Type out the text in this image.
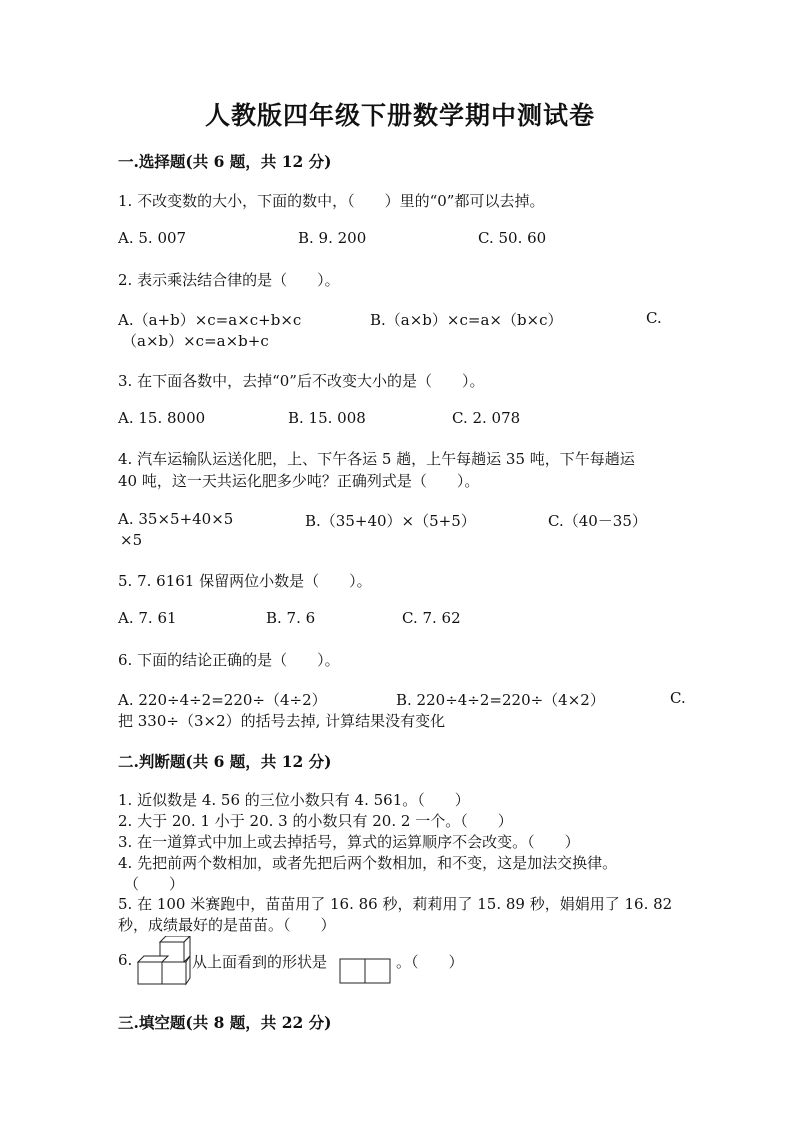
人教版四年级下册数学期中测试卷
一.选择题(共 6 题，共 12 分)
1. 不改变数的大小，下面的数中，（　　）里的“0”都可以去掉。
A. 5. 007	B. 9. 200	C. 50. 60
2. 表示乘法结合律的是（　　）。
A.（a+b）×c=a×c+b×c	B.（a×b）×c=a×（b×c）	C.
（a×b）×c=a×b+c
3. 在下面各数中，去掉“0”后不改变大小的是（　　）。
A. 15. 8000	B. 15. 008	C. 2. 078
4. 汽车运输队运送化肥，上、下午各运 5 趟，上午每趟运 35 吨，下午每趟运
40 吨，这一天共运化肥多少吨？正确列式是（　　）。
A. 35×5+40×5	B.（35+40）×（5+5）	C.（40－35）
×5
5. 7. 6161 保留两位小数是（　　）。
A. 7. 61	B. 7. 6	C. 7. 62
6. 下面的结论正确的是（　　）。
A. 220÷4÷2=220÷（4÷2）	B. 220÷4÷2=220÷（4×2）	C.
把 330÷（3×2）的括号去掉, 计算结果没有变化
二.判断题(共 6 题，共 12 分)
1. 近似数是 4. 56 的三位小数只有 4. 561。（　　）
2. 大于 20. 1 小于 20. 3 的小数只有 20. 2 一个。（　　）
3. 在一道算式中加上或去掉括号，算式的运算顺序不会改变。（　　）
4. 先把前两个数相加，或者先把后两个数相加，和不变，这是加法交换律。
（　　）
5. 在 100 米赛跑中，苗苗用了 16. 86 秒，莉莉用了 15. 89 秒，娟娟用了 16. 82
秒，成绩最好的是苗苗。（　　）
6.	从上面看到的形状是	。（　　）
三.填空题(共 8 题，共 22 分)
